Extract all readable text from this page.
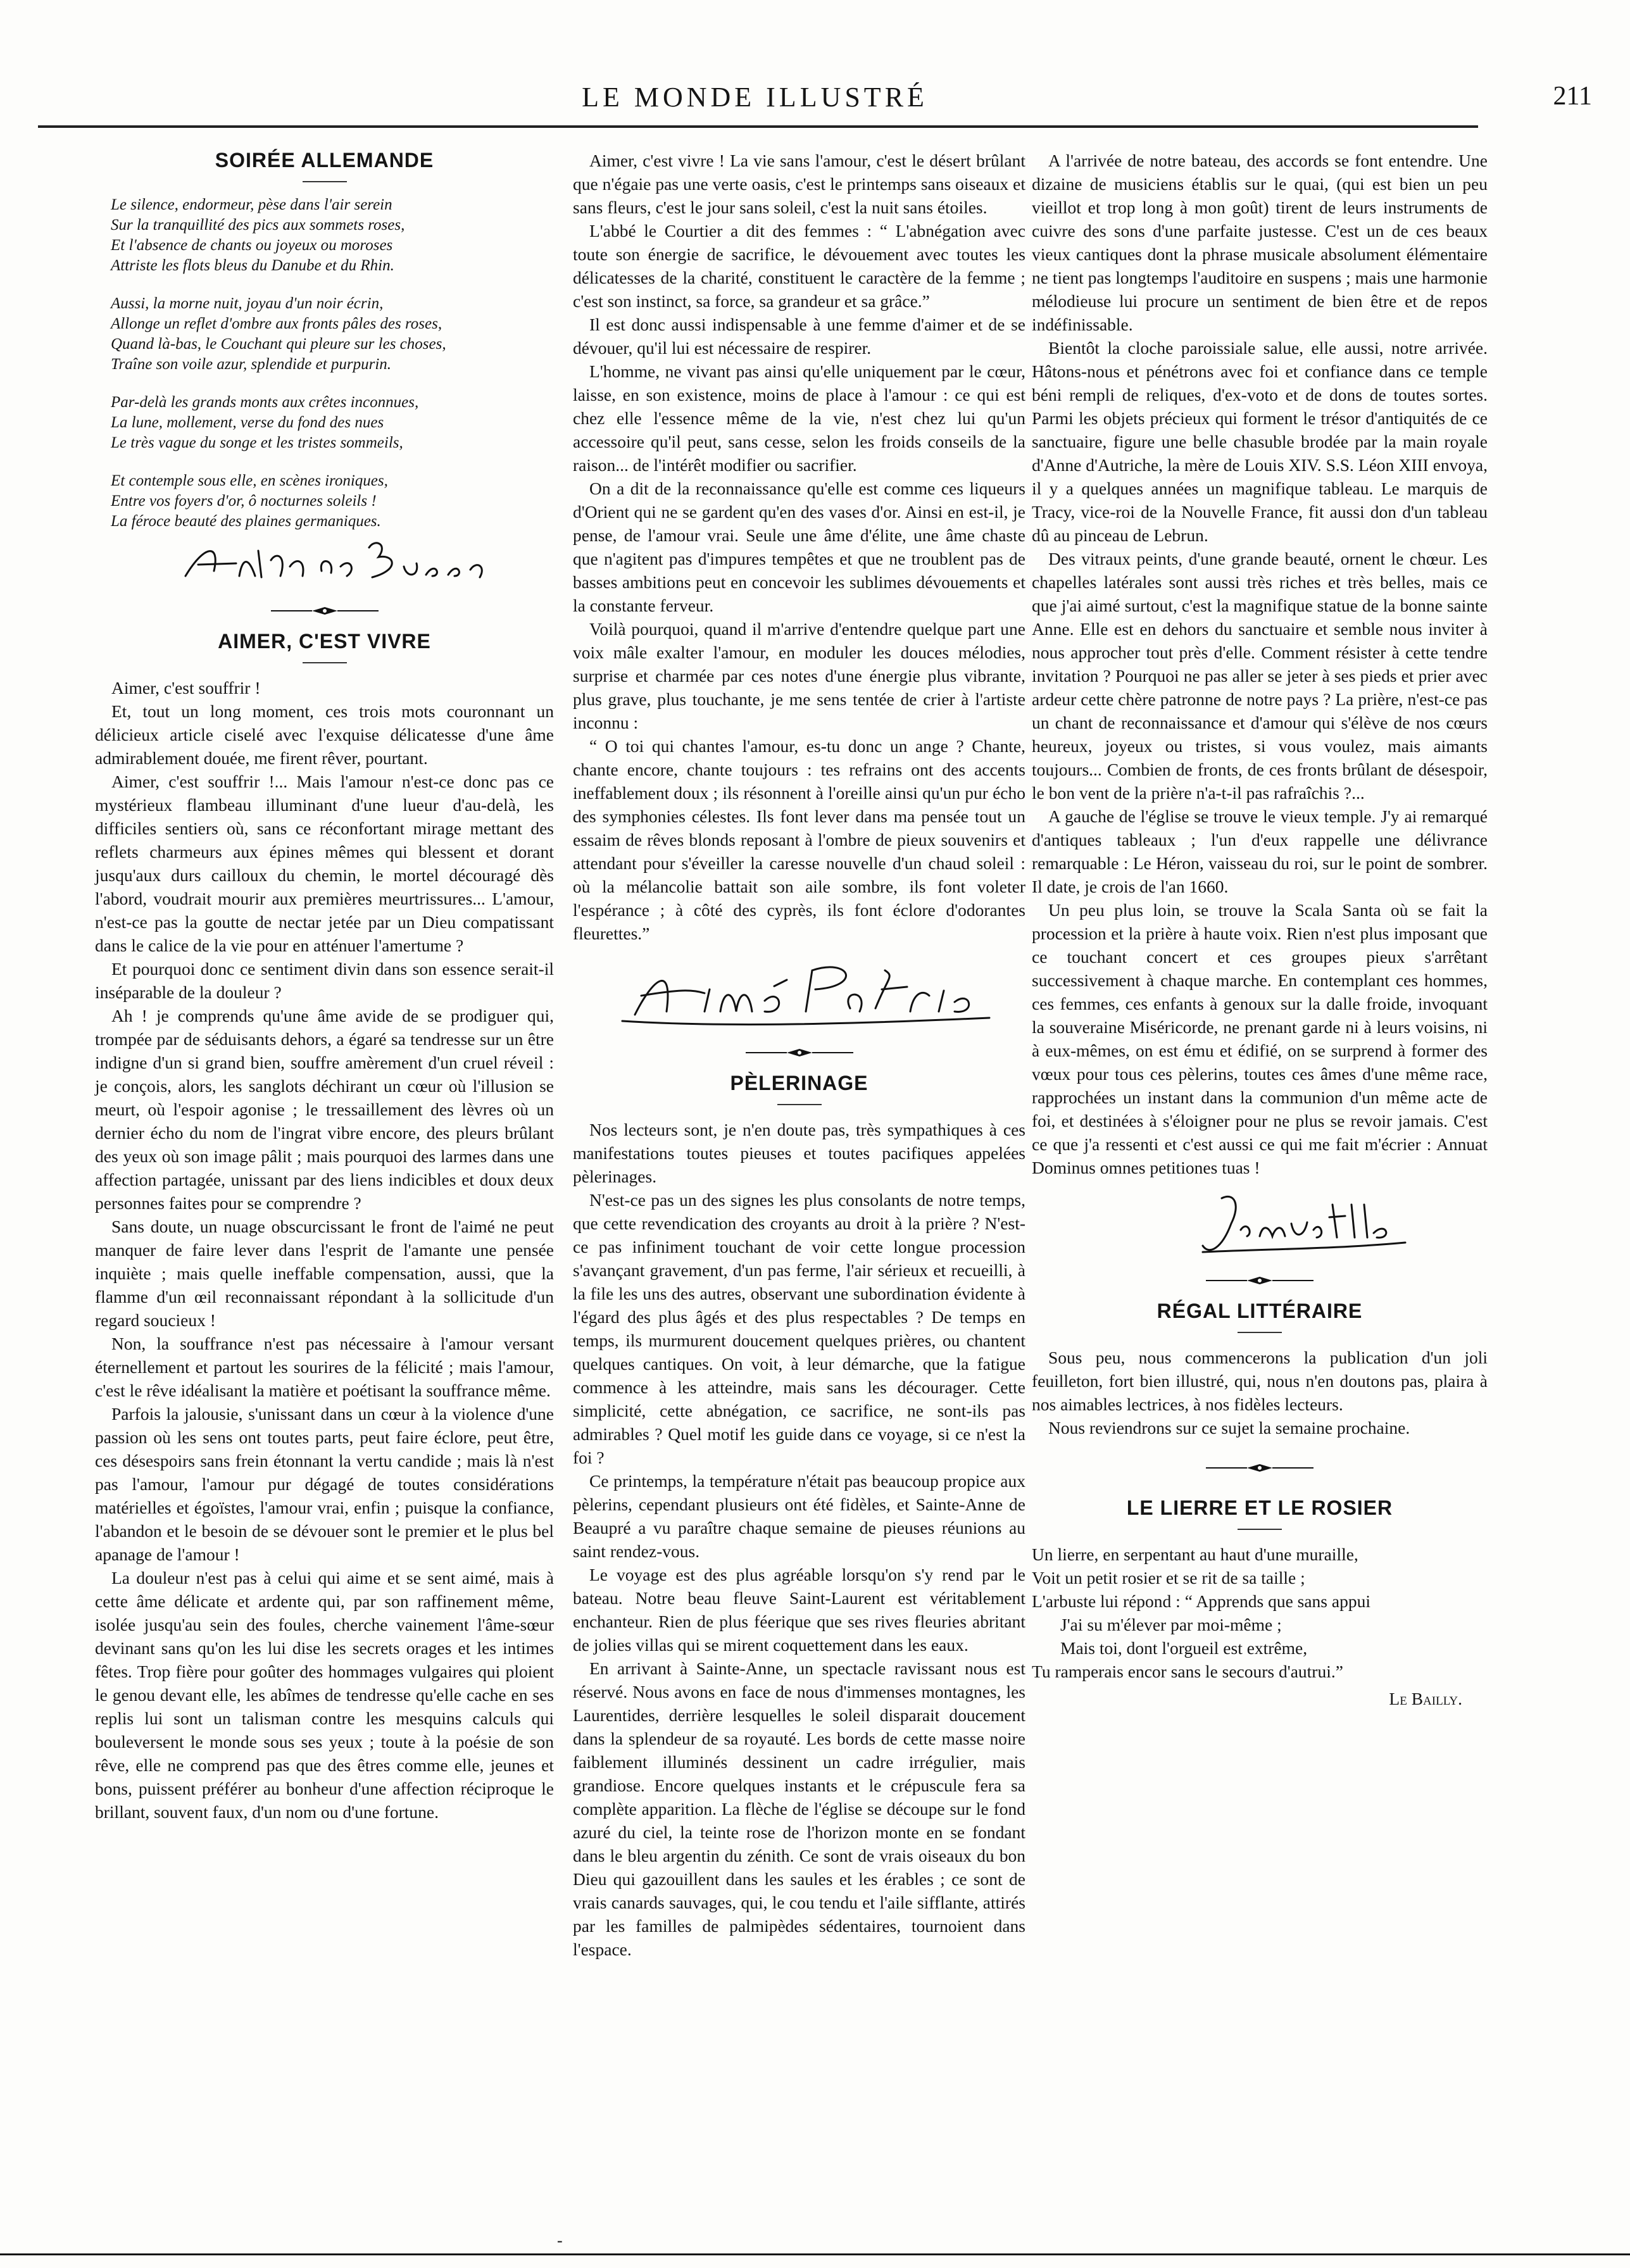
LE MONDE ILLUSTRÉ	211
SOIRÉE ALLEMANDE
Le silence, endormeur, pèse dans l'air serein
Sur la tranquillité des pics aux sommets roses,
Et l'absence de chants ou joyeux ou moroses
Attriste les flots bleus du Danube et du Rhin.
Aussi, la morne nuit, joyau d'un noir écrin,
Allonge un reflet d'ombre aux fronts pâles des roses,
Quand là-bas, le Couchant qui pleure sur les choses,
Traîne son voile azur, splendide et purpurin.
Par-delà les grands monts aux crêtes inconnues,
La lune, mollement, verse du fond des nues
Le très vague du songe et les tristes sommeils,
Et contemple sous elle, en scènes ironiques,
Entre vos foyers d'or, ô nocturnes soleils !
La féroce beauté des plaines germaniques.
AIMER, C'EST VIVRE

Aimer, c'est souffrir !

Et, tout un long moment, ces trois mots couronnant un délicieux article ciselé avec l'exquise délicatesse d'une âme admirablement douée, me firent rêver, pourtant.

Aimer, c'est souffrir !... Mais l'amour n'est-ce donc pas ce mystérieux flambeau illuminant d'une lueur d'au-delà, les difficiles sentiers où, sans ce réconfortant mirage mettant des reflets charmeurs aux épines mêmes qui blessent et dorant jusqu'aux durs cailloux du chemin, le mortel découragé dès l'abord, voudrait mourir aux premières meurtrissures... L'amour, n'est-ce pas la goutte de nectar jetée par un Dieu compatissant dans le calice de la vie pour en atténuer l'amertume ?

Et pourquoi donc ce sentiment divin dans son essence serait-il inséparable de la douleur ?

Ah ! je comprends qu'une âme avide de se prodiguer qui, trompée par de séduisants dehors, a égaré sa tendresse sur un être indigne d'un si grand bien, souffre amèrement d'un cruel réveil : je conçois, alors, les sanglots déchirant un cœur où l'illusion se meurt, où l'espoir agonise ; le tressaillement des lèvres où un dernier écho du nom de l'ingrat vibre encore, des pleurs brûlant des yeux où son image pâlit ; mais pourquoi des larmes dans une affection partagée, unissant par des liens indicibles et doux deux personnes faites pour se comprendre ?

Sans doute, un nuage obscurcissant le front de l'aimé ne peut manquer de faire lever dans l'esprit de l'amante une pensée inquiète ; mais quelle ineffable compensation, aussi, que la flamme d'un œil reconnaissant répondant à la sollicitude d'un regard soucieux !

Non, la souffrance n'est pas nécessaire à l'amour versant éternellement et partout les sourires de la félicité ; mais l'amour, c'est le rêve idéalisant la matière et poétisant la souffrance même.

Parfois la jalousie, s'unissant dans un cœur à la violence d'une passion où les sens ont toutes parts, peut faire éclore, peut être, ces désespoirs sans frein étonnant la vertu candide ; mais là n'est pas l'amour, l'amour pur dégagé de toutes considérations matérielles et égoïstes, l'amour vrai, enfin ; puisque la confiance, l'abandon et le besoin de se dévouer sont le premier et le plus bel apanage de l'amour !

La douleur n'est pas à celui qui aime et se sent aimé, mais à cette âme délicate et ardente qui, par son raffinement même, isolée jusqu'au sein des foules, cherche vainement l'âme-sœur devinant sans qu'on les lui dise les secrets orages et les intimes fêtes. Trop fière pour goûter des hommages vulgaires qui ploient le genou devant elle, les abîmes de tendresse qu'elle cache en ses replis lui sont un talisman contre les mesquins calculs qui bouleversent le monde sous ses yeux ; toute à la poésie de son rêve, elle ne comprend pas que des êtres comme elle, jeunes et bons, puissent préférer au bonheur d'une affection réciproque le brillant, souvent faux, d'un nom ou d'une fortune.

Aimer, c'est vivre ! La vie sans l'amour, c'est le désert brûlant que n'égaie pas une verte oasis, c'est le printemps sans oiseaux et sans fleurs, c'est le jour sans soleil, c'est la nuit sans étoiles.

L'abbé le Courtier a dit des femmes : “ L'abnégation avec toute son énergie de sacrifice, le dévouement avec toutes les délicatesses de la charité, constituent le caractère de la femme ; c'est son instinct, sa force, sa grandeur et sa grâce.”

Il est donc aussi indispensable à une femme d'aimer et de se dévouer, qu'il lui est nécessaire de respirer.

L'homme, ne vivant pas ainsi qu'elle uniquement par le cœur, laisse, en son existence, moins de place à l'amour : ce qui est chez elle l'essence même de la vie, n'est chez lui qu'un accessoire qu'il peut, sans cesse, selon les froids conseils de la raison... de l'intérêt modifier ou sacrifier.

On a dit de la reconnaissance qu'elle est comme ces liqueurs d'Orient qui ne se gardent qu'en des vases d'or. Ainsi en est-il, je pense, de l'amour vrai. Seule une âme d'élite, une âme chaste que n'agitent pas d'impures tempêtes et que ne troublent pas de basses ambitions peut en concevoir les sublimes dévouements et la constante ferveur.

Voilà pourquoi, quand il m'arrive d'entendre quelque part une voix mâle exalter l'amour, en moduler les douces mélodies, surprise et charmée par ces notes d'une énergie plus vibrante, plus grave, plus touchante, je me sens tentée de crier à l'artiste inconnu :

“ O toi qui chantes l'amour, es-tu donc un ange ? Chante, chante encore, chante toujours : tes refrains ont des accents ineffablement doux ; ils résonnent à l'oreille ainsi qu'un pur écho des symphonies célestes. Ils font lever dans ma pensée tout un essaim de rêves blonds reposant à l'ombre de pieux souvenirs et attendant pour s'éveiller la caresse nouvelle d'un chaud soleil : où la mélancolie battait son aile sombre, ils font voleter l'espérance ; à côté des cyprès, ils font éclore d'odorantes fleurettes.”

PÈLERINAGE

Nos lecteurs sont, je n'en doute pas, très sympathiques à ces manifestations toutes pieuses et toutes pacifiques appelées pèlerinages.

N'est-ce pas un des signes les plus consolants de notre temps, que cette revendication des croyants au droit à la prière ? N'est-ce pas infiniment touchant de voir cette longue procession s'avançant gravement, d'un pas ferme, l'air sérieux et recueilli, à la file les uns des autres, observant une subordination évidente à l'égard des plus âgés et des plus respectables ? De temps en temps, ils murmurent doucement quelques prières, ou chantent quelques cantiques. On voit, à leur démarche, que la fatigue commence à les atteindre, mais sans les décourager. Cette simplicité, cette abnégation, ce sacrifice, ne sont-ils pas admirables ? Quel motif les guide dans ce voyage, si ce n'est la foi ?

Ce printemps, la température n'était pas beaucoup propice aux pèlerins, cependant plusieurs ont été fidèles, et Sainte-Anne de Beaupré a vu paraître chaque semaine de pieuses réunions au saint rendez-vous.

Le voyage est des plus agréable lorsqu'on s'y rend par le bateau. Notre beau fleuve Saint-Laurent est véritablement enchanteur. Rien de plus féerique que ses rives fleuries abritant de jolies villas qui se mirent coquettement dans les eaux.

En arrivant à Sainte-Anne, un spectacle ravissant nous est réservé. Nous avons en face de nous d'immenses montagnes, les Laurentides, derrière lesquelles le soleil disparait doucement dans la splendeur de sa royauté. Les bords de cette masse noire faiblement illuminés dessinent un cadre irrégulier, mais grandiose. Encore quelques instants et le crépuscule fera sa complète apparition. La flèche de l'église se découpe sur le fond azuré du ciel, la teinte rose de l'horizon monte en se fondant dans le bleu argentin du zénith. Ce sont de vrais oiseaux du bon Dieu qui gazouillent dans les saules et les érables ; ce sont de vrais canards sauvages, qui, le cou tendu et l'aile sifflante, attirés par les familles de palmipèdes sédentaires, tournoient dans l'espace.

A l'arrivée de notre bateau, des accords se font entendre. Une dizaine de musiciens établis sur le quai, (qui est bien un peu vieillot et trop long à mon goût) tirent de leurs instruments de cuivre des sons d'une parfaite justesse. C'est un de ces beaux vieux cantiques dont la phrase musicale absolument élémentaire ne tient pas longtemps l'auditoire en suspens ; mais une harmonie mélodieuse lui procure un sentiment de bien être et de repos indéfinissable.

Bientôt la cloche paroissiale salue, elle aussi, notre arrivée. Hâtons-nous et pénétrons avec foi et confiance dans ce temple béni rempli de reliques, d'ex-voto et de dons de toutes sortes. Parmi les objets précieux qui forment le trésor d'antiquités de ce sanctuaire, figure une belle chasuble brodée par la main royale d'Anne d'Autriche, la mère de Louis XIV. S.S. Léon XIII envoya, il y a quelques années un magnifique tableau. Le marquis de Tracy, vice-roi de la Nouvelle France, fit aussi don d'un tableau dû au pinceau de Lebrun.

Des vitraux peints, d'une grande beauté, ornent le chœur. Les chapelles latérales sont aussi très riches et très belles, mais ce que j'ai aimé surtout, c'est la magnifique statue de la bonne sainte Anne. Elle est en dehors du sanctuaire et semble nous inviter à nous approcher tout près d'elle. Comment résister à cette tendre invitation ? Pourquoi ne pas aller se jeter à ses pieds et prier avec ardeur cette chère patronne de notre pays ? La prière, n'est-ce pas un chant de reconnaissance et d'amour qui s'élève de nos cœurs heureux, joyeux ou tristes, si vous voulez, mais aimants toujours... Combien de fronts, de ces fronts brûlant de désespoir, le bon vent de la prière n'a-t-il pas rafraîchis ?...

A gauche de l'église se trouve le vieux temple. J'y ai remarqué d'antiques tableaux ; l'un d'eux rappelle une délivrance remarquable : Le Héron, vaisseau du roi, sur le point de sombrer. Il date, je crois de l'an 1660.

Un peu plus loin, se trouve la Scala Santa où se fait la procession et la prière à haute voix. Rien n'est plus imposant que ce touchant concert et ces groupes pieux s'arrêtant successivement à chaque marche. En contemplant ces hommes, ces femmes, ces enfants à genoux sur la dalle froide, invoquant la souveraine Miséricorde, ne prenant garde ni à leurs voisins, ni à eux-mêmes, on est ému et édifié, on se surprend à former des vœux pour tous ces pèlerins, toutes ces âmes d'une même race, rapprochées un instant dans la communion d'un même acte de foi, et destinées à s'éloigner pour ne plus se revoir jamais. C'est ce que j'a ressenti et c'est aussi ce qui me fait m'écrier : Annuat Dominus omnes petitiones tuas !

RÉGAL LITTÉRAIRE

Sous peu, nous commencerons la publication d'un joli feuilleton, fort bien illustré, qui, nous n'en doutons pas, plaira à nos aimables lectrices, à nos fidèles lecteurs.

Nous reviendrons sur ce sujet la semaine prochaine.

LE LIERRE ET LE ROSIER
Un lierre, en serpentant au haut d'une muraille,
Voit un petit rosier et se rit de sa taille ;
L'arbuste lui répond : “ Apprends que sans appui
J'ai su m'élever par moi-même ;
Mais toi, dont l'orgueil est extrême,
Tu ramperais encor sans le secours d'autrui.”
Le Bailly.
-
